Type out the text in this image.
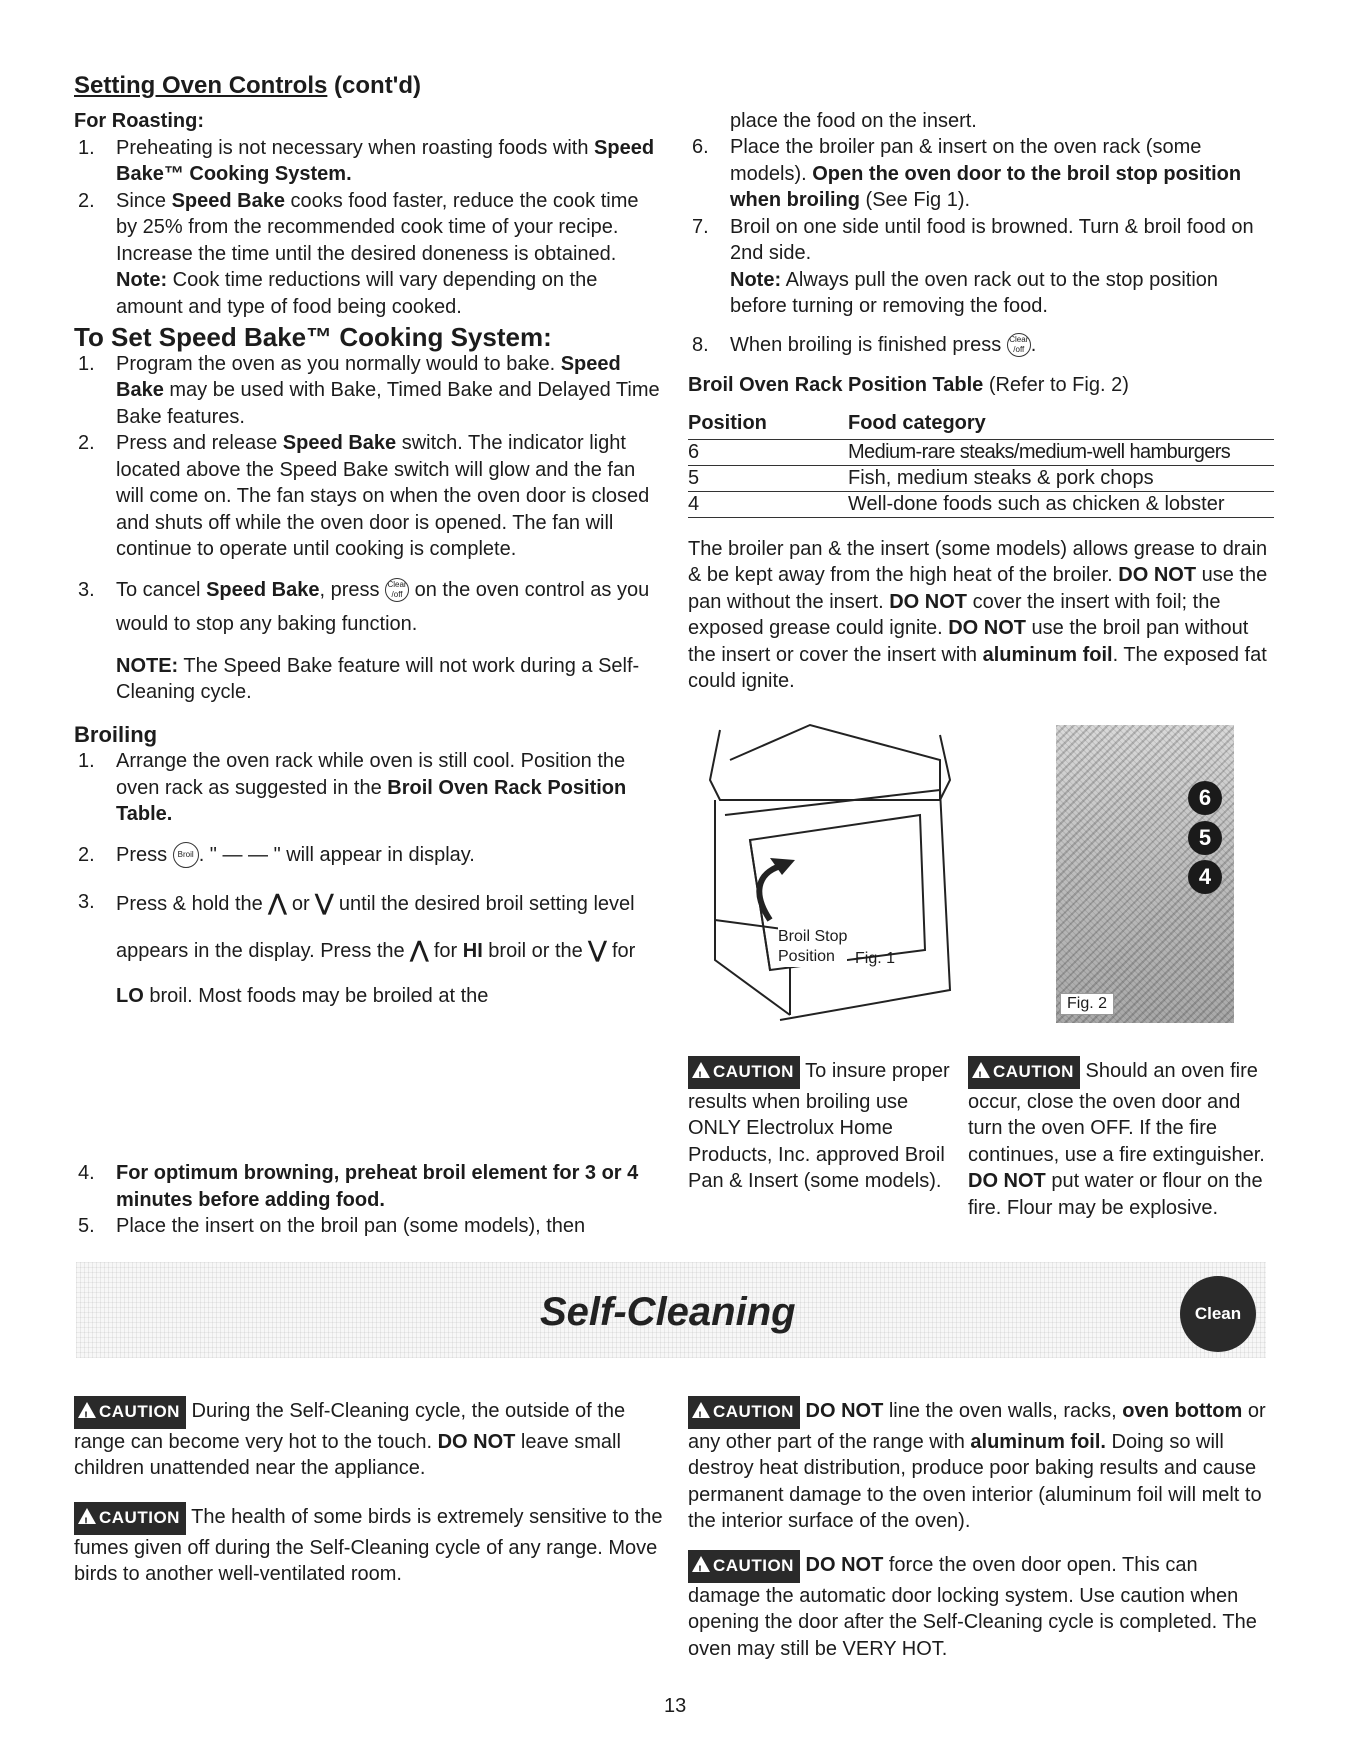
Setting Oven Controls (cont'd)
For Roasting:
1. Preheating is not necessary when roasting foods with Speed Bake™ Cooking System.
2. Since Speed Bake cooks food faster, reduce the cook time by 25% from the recommended cook time of your recipe. Increase the time until the desired doneness is obtained.
Note: Cook time reductions will vary depending on the amount and type of food being cooked.
To Set Speed Bake™ Cooking System:
1. Program the oven as you normally would to bake. Speed Bake may be used with Bake, Timed Bake and Delayed Time Bake features.
2. Press and release Speed Bake switch. The indicator light located above the Speed Bake switch will glow and the fan will come on. The fan stays on when the oven door is closed and shuts off while the oven door is opened. The fan will continue to operate until cooking is complete.
3. To cancel Speed Bake, press Clear /off on the oven control as you would to stop any baking function.
NOTE: The Speed Bake feature will not work during a Self-Cleaning cycle.
Broiling
1. Arrange the oven rack while oven is still cool. Position the oven rack as suggested in the Broil Oven Rack Position Table.
2. Press Broil . " — — " will appear in display.
3. Press & hold the ⋀ or ⋁ until the desired broil setting level appears in the display. Press the ⋀ for HI broil or the ⋁ for LO broil. Most foods may be broiled at the
place the food on the insert.
6. Place the broiler pan & insert on the oven rack (some models). Open the oven door to the broil stop position when broiling (See Fig 1).
7. Broil on one side until food is browned. Turn & broil food on 2nd side.
Note: Always pull the oven rack out to the stop position before turning or removing the food.
8. When broiling is finished press Clear /off .
Broil Oven Rack Position Table (Refer to Fig. 2)
Position	Food category
6	Medium-rare steaks/medium-well hamburgers
5	Fish, medium steaks & pork chops
4	Well-done foods such as chicken & lobster

The broiler pan & the insert (some models) allows grease to drain & be kept away from the high heat of the broiler. DO NOT use the pan without the insert. DO NOT cover the insert with foil; the exposed grease could ignite. DO NOT use the broil pan without the insert or cover the insert with aluminum foil. The exposed fat could ignite.

Fig. 1
Broil Stop
Position
6
5
4
Fig. 2
!CAUTION To insure proper results when broiling use ONLY Electrolux Home Products, Inc. approved Broil Pan & Insert (some models).
!CAUTION Should an oven fire occur, close the oven door and turn the oven OFF. If the fire continues, use a fire extinguisher. DO NOT put water or flour on the fire. Flour may be explosive.
4. For optimum browning, preheat broil element for 3 or 4 minutes before adding food.
5. Place the insert on the broil pan (some models), then
Self-Cleaning	Clean
!CAUTION During the Self-Cleaning cycle, the outside of the range can become very hot to the touch. DO NOT leave small children unattended near the appliance.
!CAUTION The health of some birds is extremely sensitive to the fumes given off during the Self-Cleaning cycle of any range. Move birds to another well-ventilated room.
!CAUTION DO NOT line the oven walls, racks, oven bottom or any other part of the range with aluminum foil. Doing so will destroy heat distribution, produce poor baking results and cause permanent damage to the oven interior (aluminum foil will melt to the interior surface of the oven).
!CAUTION DO NOT force the oven door open. This can damage the automatic door locking system. Use caution when opening the door after the Self-Cleaning cycle is completed. The oven may still be VERY HOT.
13
